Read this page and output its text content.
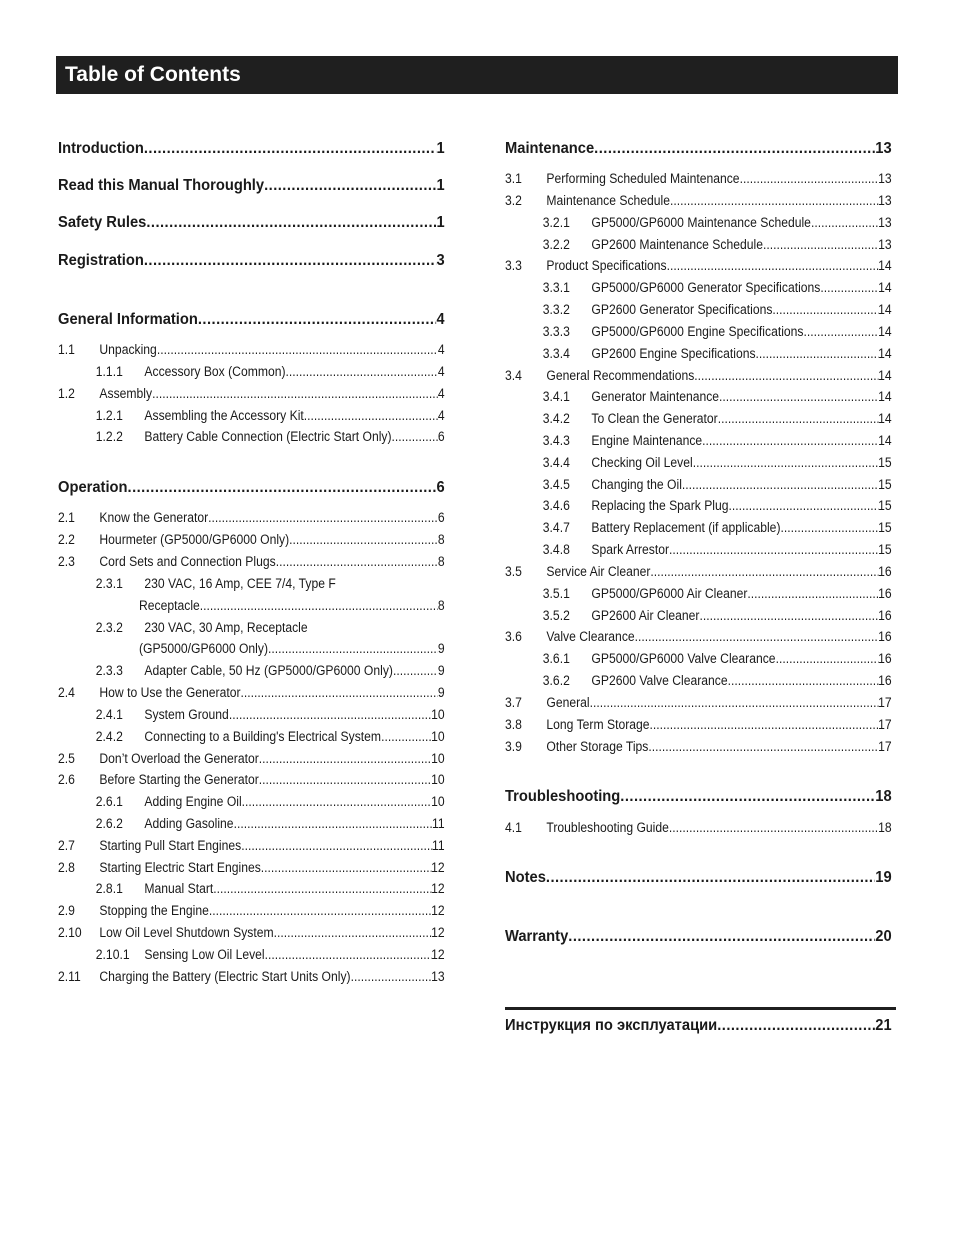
Table of Contents
Introduction .....	1
Read this Manual Thoroughly .....	1
Safety Rules .....	1
Registration .....	3
General Information .....	4
1.1	Unpacking .....	4
1.1.1	Accessory Box (Common) .....	4
1.2	Assembly .....	4
1.2.1	Assembling the Accessory Kit .....	4
1.2.2	Battery Cable Connection (Electric Start Only) .....	6
Operation .....	6
2.1	Know the Generator .....	6
2.2	Hourmeter (GP5000/GP6000 Only) .....	8
2.3	Cord Sets and Connection Plugs .....	8
2.3.1	230 VAC, 16 Amp, CEE 7/4, Type F
Receptacle .....	8
2.3.2	230 VAC, 30 Amp, Receptacle
(GP5000/GP6000 Only) .....	9
2.3.3	Adapter Cable, 50 Hz (GP5000/GP6000 Only) .....	9
2.4	How to Use the Generator .....	9
2.4.1	System Ground .....	10
2.4.2	Connecting to a Building's Electrical System .....	10
2.5	Don’t Overload the Generator .....	10
2.6	Before Starting the Generator .....	10
2.6.1	Adding Engine Oil .....	10
2.6.2	Adding Gasoline .....	11
2.7	Starting Pull Start Engines .....	11
2.8	Starting Electric Start Engines .....	12
2.8.1	Manual Start .....	12
2.9	Stopping the Engine .....	12
2.10	Low Oil Level Shutdown System .....	12
2.10.1	Sensing Low Oil Level .....	12
2.11	Charging the Battery (Electric Start Units Only) .....	13
Maintenance .....	13
3.1	Performing Scheduled Maintenance .....	13
3.2	Maintenance Schedule .....	13
3.2.1	GP5000/GP6000 Maintenance Schedule .....	13
3.2.2	GP2600 Maintenance Schedule .....	13
3.3	Product Specifications .....	14
3.3.1	GP5000/GP6000 Generator Specifications .....	14
3.3.2	GP2600 Generator Specifications .....	14
3.3.3	GP5000/GP6000 Engine Specifications .....	14
3.3.4	GP2600 Engine Specifications .....	14
3.4	General Recommendations .....	14
3.4.1	Generator Maintenance .....	14
3.4.2	To Clean the Generator .....	14
3.4.3	Engine Maintenance .....	14
3.4.4	Checking Oil Level .....	15
3.4.5	Changing the Oil .....	15
3.4.6	Replacing the Spark Plug .....	15
3.4.7	Battery Replacement (if applicable) .....	15
3.4.8	Spark Arrestor .....	15
3.5	Service Air Cleaner .....	16
3.5.1	GP5000/GP6000 Air Cleaner .....	16
3.5.2	GP2600 Air Cleaner .....	16
3.6	Valve Clearance .....	16
3.6.1	GP5000/GP6000 Valve Clearance .....	16
3.6.2	GP2600 Valve Clearance .....	16
3.7	General .....	17
3.8	Long Term Storage .....	17
3.9	Other Storage Tips .....	17
Troubleshooting .....	18
4.1	Troubleshooting Guide .....	18
Notes .....	19
Warranty .....	20
Инструкция по эксплуатации .....	21
